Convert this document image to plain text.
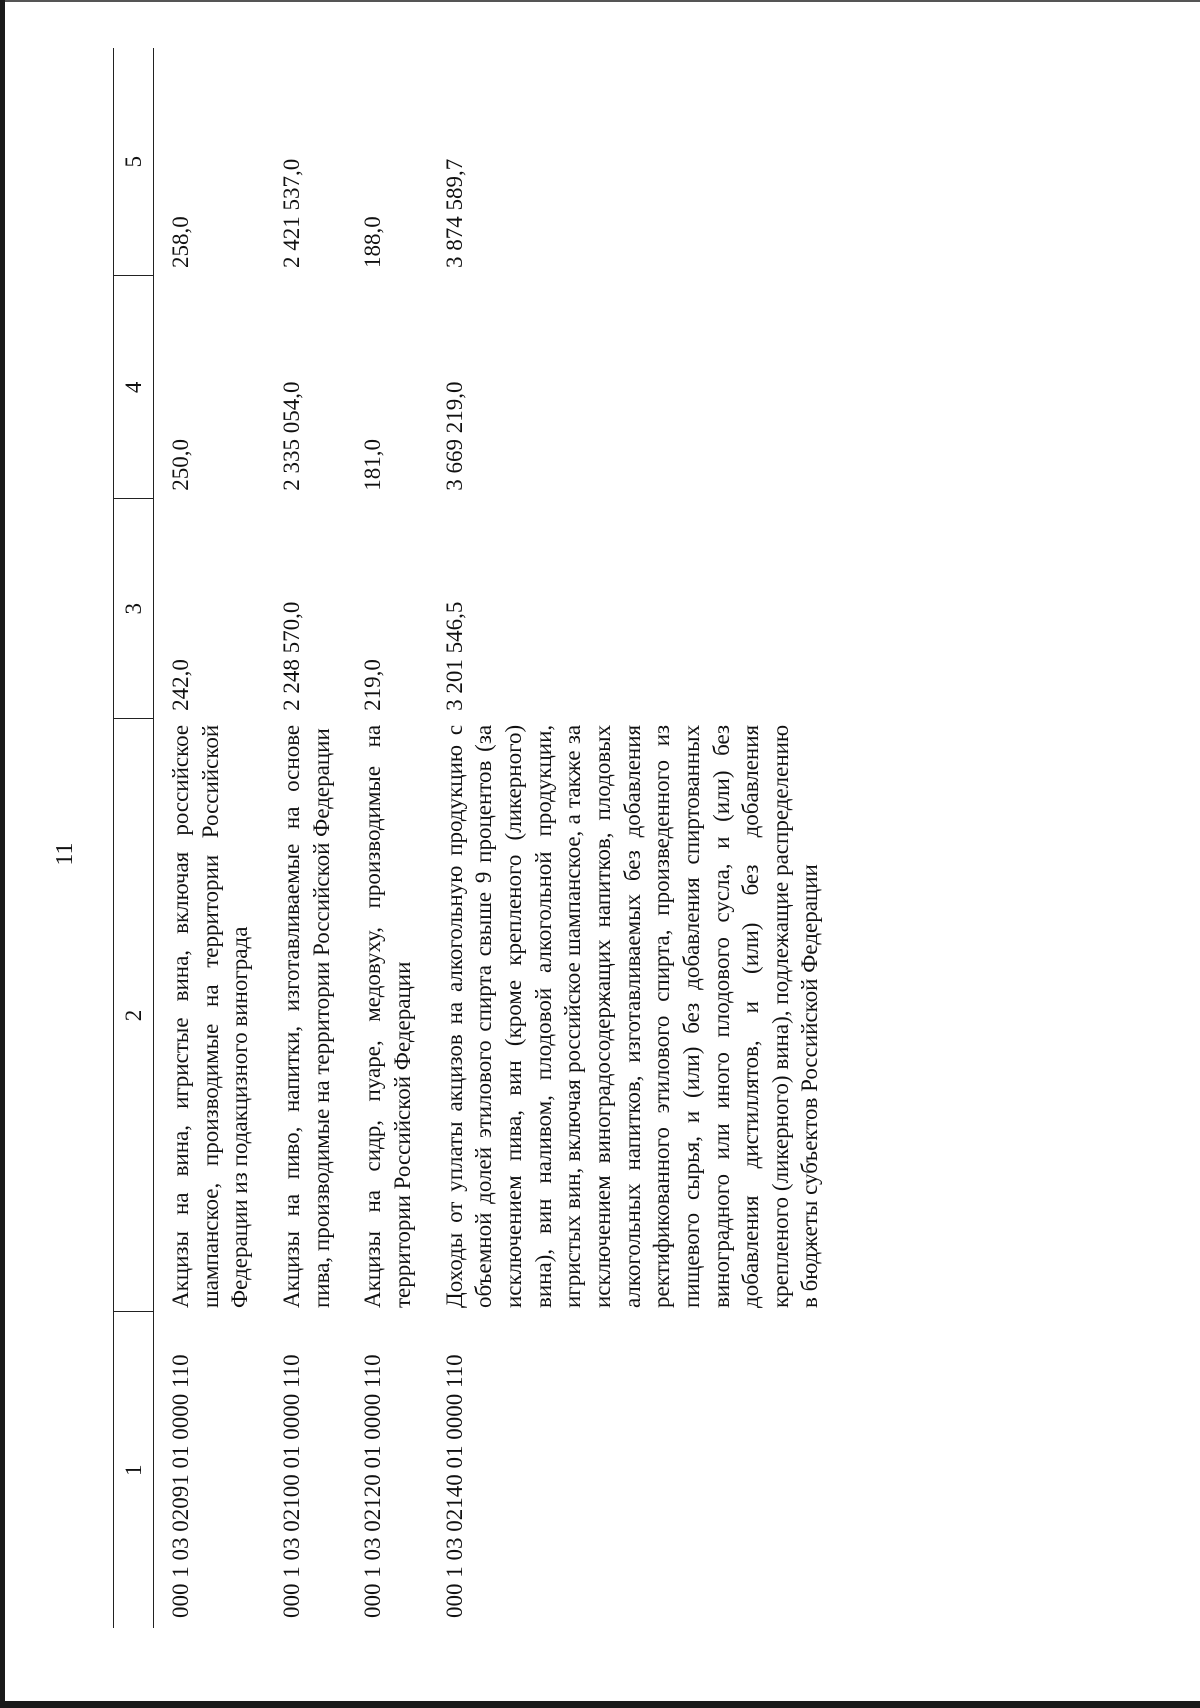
11
1	2	3	4	5
000 1 03 02091 01 0000 110	Акцизы на вина, игристые вина, включая российское шампанское, производимые на территории Российской Федерации из подакцизного винограда	242,0	250,0	258,0
000 1 03 02100 01 0000 110	Акцизы на пиво, напитки, изготавливаемые на основе пива, производимые на территории Российской Федерации	2 248 570,0	2 335 054,0	2 421 537,0
000 1 03 02120 01 0000 110	Акцизы на сидр, пуаре, медовуху, производимые на территории Российской Федерации	219,0	181,0	188,0
000 1 03 02140 01 0000 110	Доходы от уплаты акцизов на алкогольную продукцию с объемной долей этилового спирта свыше 9 процентов (за исключением пива, вин (кроме крепленого (ликерного) вина), вин наливом, плодовой алкогольной продукции, игристых вин, включая российское шампанское, а также за исключением виноградосодержащих напитков, плодовых алкогольных напитков, изготавливаемых без добавления ректификованного этилового спирта, произведенного из пищевого сырья, и (или) без добавления спиртованных виноградного или иного плодового сусла, и (или) без добавления дистиллятов, и (или) без добавления крепленого (ликерного) вина), подлежащие распределению в бюджеты субъектов Российской Федерации	3 201 546,5	3 669 219,0	3 874 589,7
